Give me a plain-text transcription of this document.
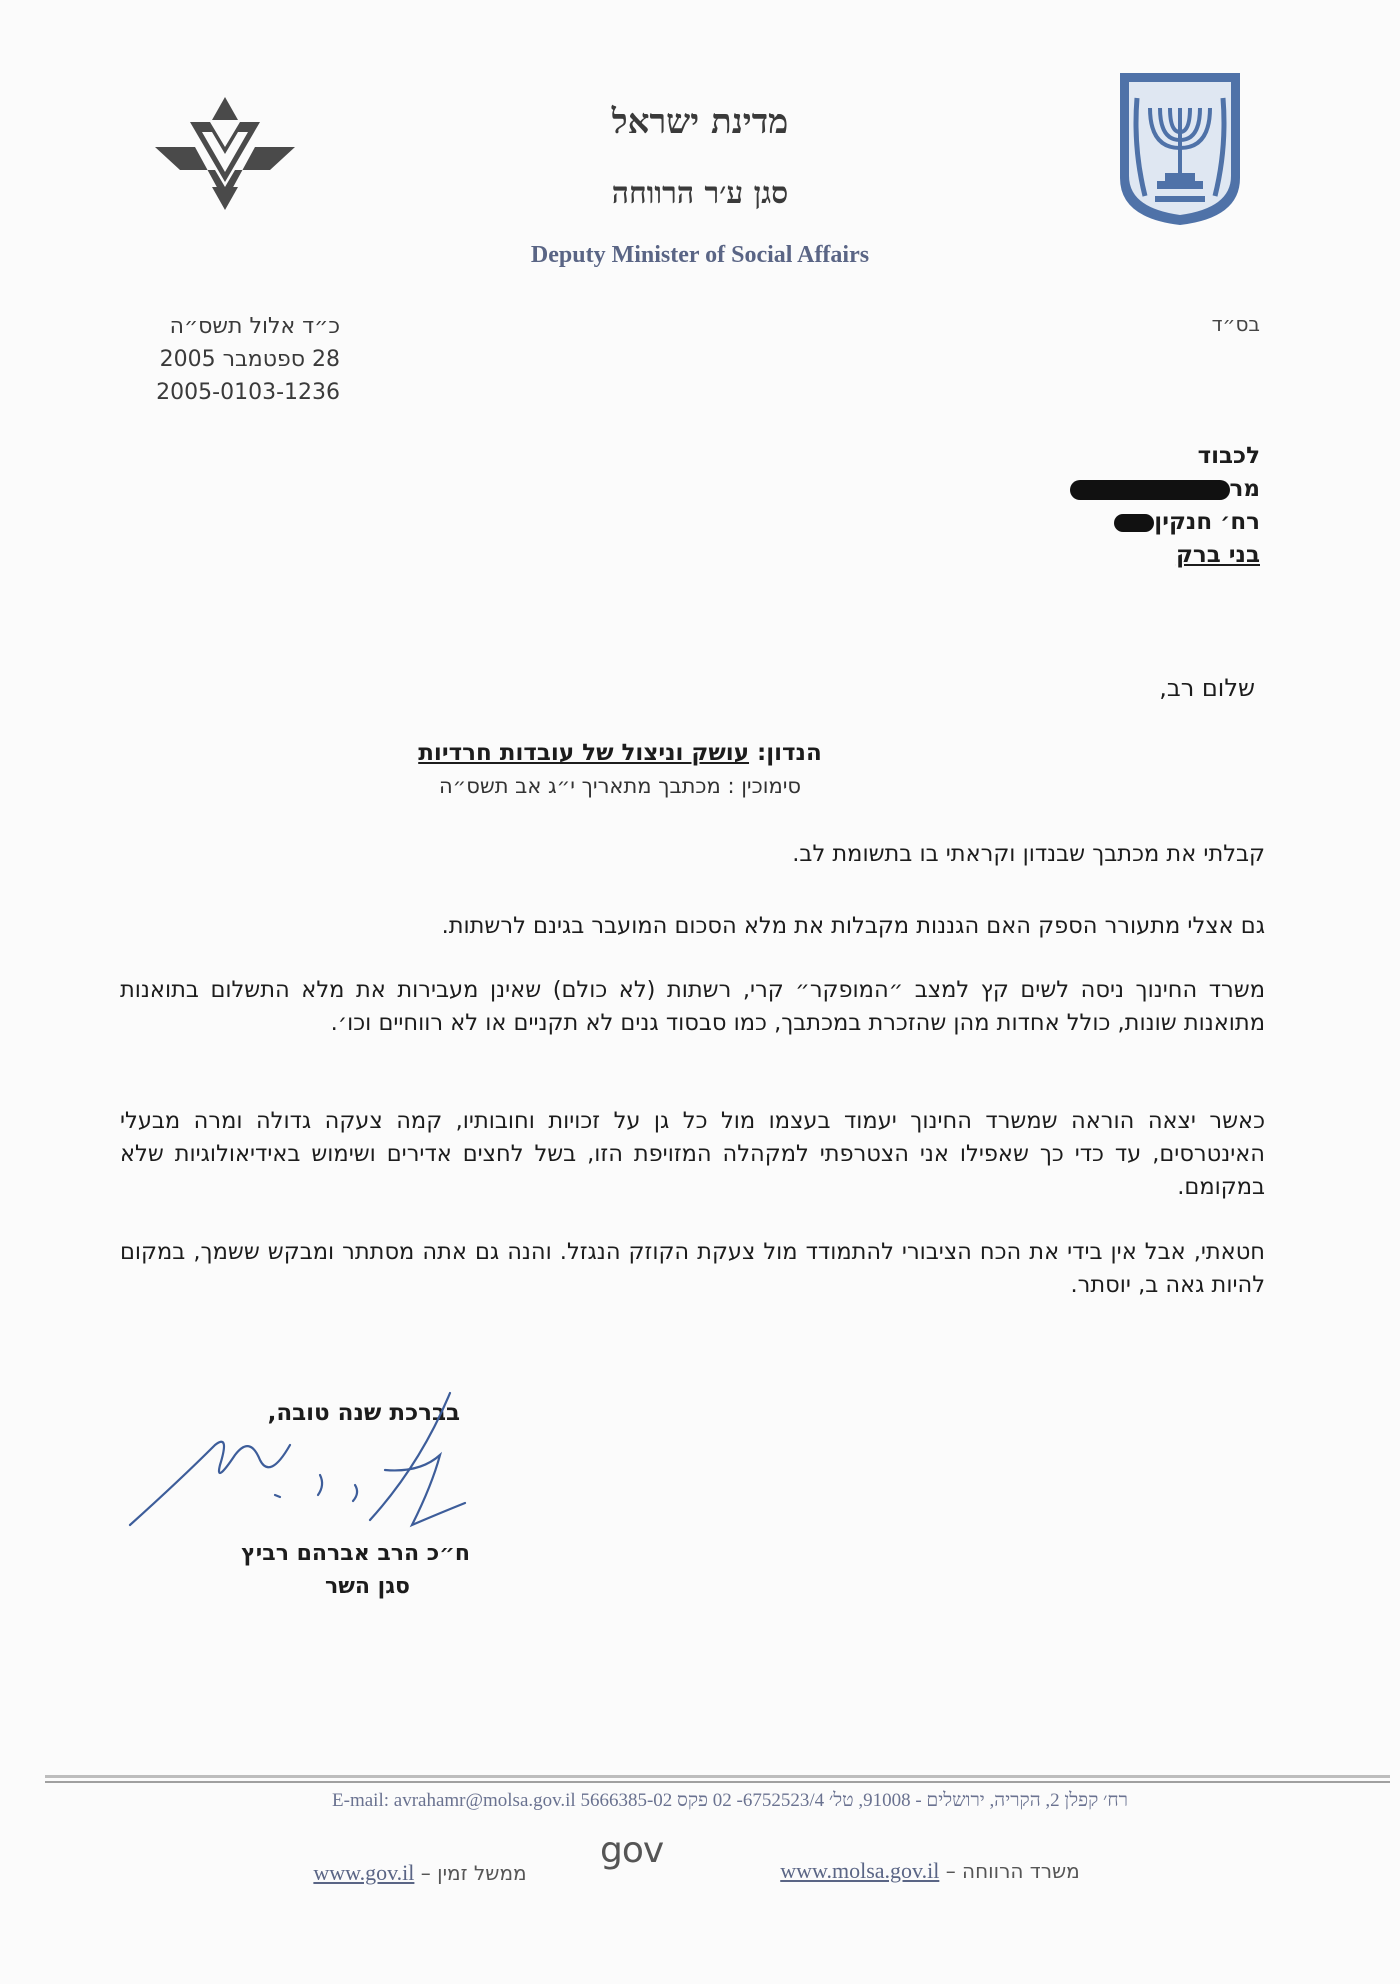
מדינת ישראל
סגן ע׳ר הרווחה
Deputy Minister of Social Affairs
כ״ד אלול תשס״ה
28 ספטמבר 2005
2005-0103-1236
בס״ד
לכבוד
מר
רח׳ חנקין
בני ברק
שלום רב,
הנדון: עושק וניצול של עובדות חרדיות
סימוכין : מכתבך מתאריך י״ג אב תשס״ה
קבלתי את מכתבך שבנדון וקראתי בו בתשומת לב.
גם אצלי מתעורר הספק האם הגננות מקבלות את מלא הסכום המועבר בגינם לרשתות.
משרד החינוך ניסה לשים קץ למצב ״המופקר״ קרי, רשתות (לא כולם) שאינן מעבירות את מלא התשלום בתואנות מתואנות שונות, כולל אחדות מהן שהזכרת במכתבך, כמו סבסוד גנים לא תקניים או לא רווחיים וכו׳.
כאשר יצאה הוראה שמשרד החינוך יעמוד בעצמו מול כל גן על זכויות וחובותיו, קמה צעקה גדולה ומרה מבעלי האינטרסים, עד כדי כך שאפילו אני הצטרפתי למקהלה המזויפת הזו, בשל לחצים אדירים ושימוש באידיאולוגיות שלא במקומם.
חטאתי, אבל אין בידי את הכח הציבורי להתמודד מול צעקת הקוזק הנגזל. והנה גם אתה מסתתר ומבקש ששמך, במקום להיות גאה ב, יוסתר.
בברכת שנה טובה,
ח״כ הרב אברהם רביץ
סגן השר
רח׳ קפלן 2, הקריה, ירושלים - 91008, טל׳ 6752523/4- 02 פקס 5666385-02 E-mail: avrahamr@molsa.gov.il
gov
ממשל זמין – www.gov.il	משרד הרווחה – www.molsa.gov.il
